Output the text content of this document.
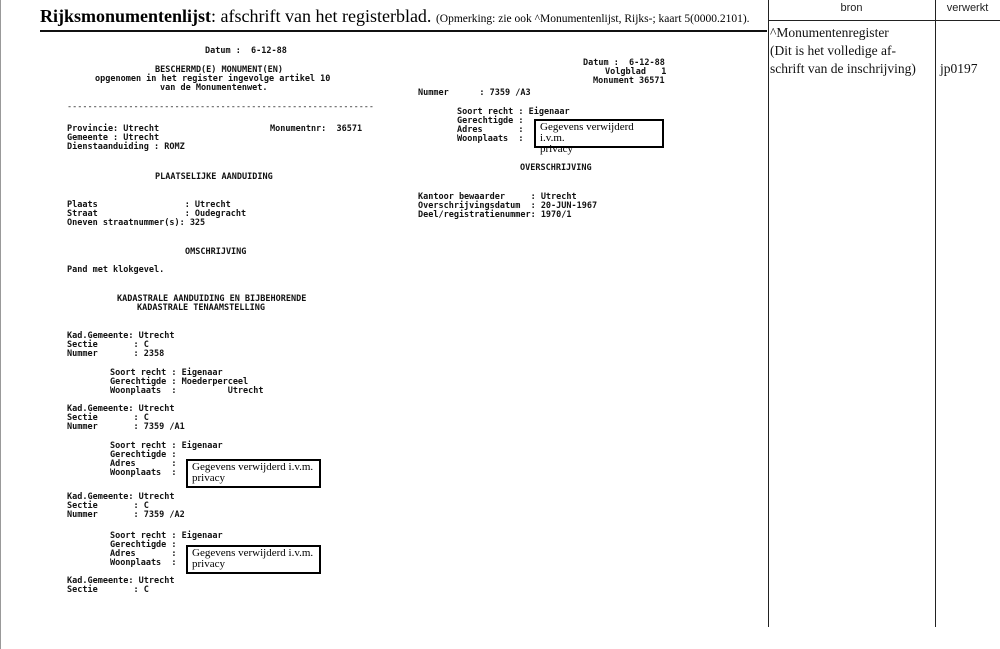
Rijksmonumentenlijst: afschrift van het registerblad. (Opmerking: zie ook ^Monumentenlijst, Rijks-; kaart 5(0000.2101).
bron	verwerkt
^Monumentenregister
(Dit is het volledige af-
schrift van de inschrijving) jp0197
Datum :  6-12-88
BESCHERMD(E) MONUMENT(EN)
opgenomen in het register ingevolge artikel 10
van de Monumentenwet.
------------------------------------------------------------
Provincie: Utrecht	Monumentnr:  36571
Gemeente : Utrecht
Dienstaanduiding : ROMZ
PLAATSELIJKE AANDUIDING
Plaats                 : Utrecht
Straat                 : Oudegracht
Oneven straatnummer(s): 325
OMSCHRIJVING
Pand met klokgevel.
KADASTRALE AANDUIDING EN BIJBEHORENDE
KADASTRALE TENAAMSTELLING
Kad.Gemeente: Utrecht
Sectie       : C
Nummer       : 2358
Soort recht : Eigenaar
Gerechtigde : Moederperceel
Woonplaats  :          Utrecht
Kad.Gemeente: Utrecht
Sectie       : C
Nummer       : 7359 /A1
Soort recht : Eigenaar
Gerechtigde :
Adres       :
Woonplaats  : Gegevens verwijderd i.v.m.
privacy
Kad.Gemeente: Utrecht
Sectie       : C
Nummer       : 7359 /A2
Soort recht : Eigenaar
Gerechtigde :
Adres       :
Woonplaats  :
Gegevens verwijderd i.v.m.
privacy
Kad.Gemeente: Utrecht
Sectie       : C
Datum :  6-12-88
Volgblad   1
Monument 36571
Nummer      : 7359 /A3
Soort recht : Eigenaar
Gerechtigde :
Adres       :
Woonplaats  :
Gegevens verwijderd i.v.m.
privacy
OVERSCHRIJVING
Kantoor bewaarder     : Utrecht
Overschrijvingsdatum  : 20-JUN-1967
Deel/registratienummer: 1970/1
